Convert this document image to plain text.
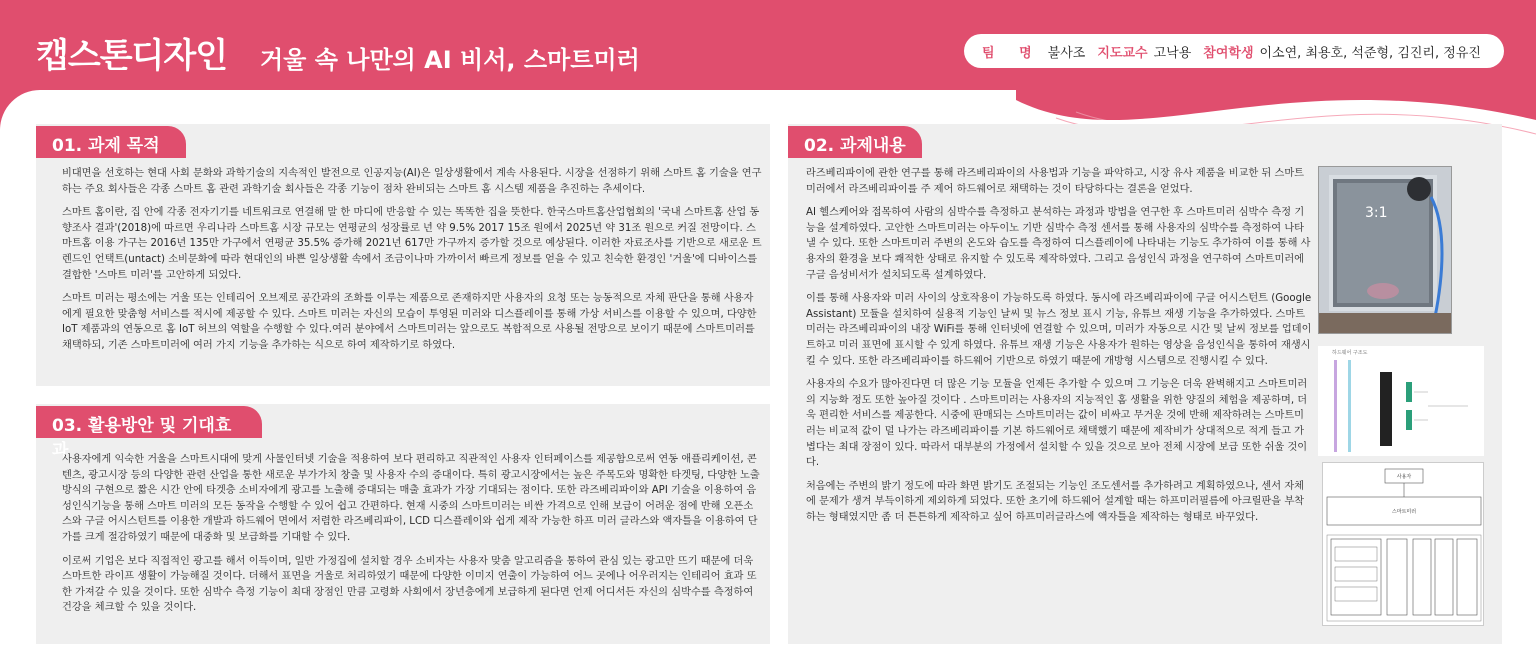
캡스톤디자인 거울 속 나만의 AI 비서, 스마트미러	팀 명 불사조 지도교수 고낙용 참여학생 이소연, 최용호, 석준형, 김진리, 정유진
01. 과제 목적

비대면을 선호하는 현대 사회 문화와 과학기술의 지속적인 발전으로 인공지능(AI)은 일상생활에서 계속 사용된다. 시장을 선점하기 위해 스마트 홈 기술을 연구하는 주요 회사들은 각종 스마트 홈 관련 과학기술 회사들은 각종 기능이 점차 완비되는 스마트 홈 시스템 제품을 추진하는 추세이다.

스마트 홈이란, 집 안에 각종 전자기기를 네트워크로 연결해 말 한 마디에 반응할 수 있는 똑똑한 집을 뜻한다. 한국스마트홈산업협회의 '국내 스마트홈 산업 동향조사 결과'(2018)에 따르면 우리나라 스마트홈 시장 규모는 연평균의 성장률로 년 약 9.5% 2017 15조 원에서 2025년 약 31조 원으로 커질 전망이다. 스마트홈 이용 가구는 2016년 135만 가구에서 연평균 35.5% 증가해 2021년 617만 가구까지 증가할 것으로 예상된다. 이러한 자료조사를 기반으로 새로운 트렌드인 언택트(untact) 소비문화에 따라 현대인의 바쁜 일상생활 속에서 조금이나마 가까이서 빠르게 정보를 얻을 수 있고 친숙한 환경인 '거울'에 디바이스를 결합한 '스마트 미러'를 고안하게 되었다.

스마트 미러는 평소에는 거울 또는 인테리어 오브제로 공간과의 조화를 이루는 제품으로 존재하지만 사용자의 요청 또는 능동적으로 자체 판단을 통해 사용자에게 필요한 맞춤형 서비스를 적시에 제공할 수 있다. 스마트 미러는 자신의 모습이 투영된 미러와 디스플레이를 통해 가상 서비스를 이용할 수 있으며, 다양한 IoT 제품과의 연동으로 홈 IoT 허브의 역할을 수행할 수 있다.여러 분야에서 스마트미러는 앞으로도 복합적으로 사용될 전망으로 보이기 때문에 스마트미러를 채택하되, 기존 스마트미러에 여러 가지 기능을 추가하는 식으로 하여 제작하기로 하였다.

03. 활용방안 및 기대효과

사용자에게 익숙한 거울을 스마트시대에 맞게 사물인터넷 기술을 적용하여 보다 편리하고 직관적인 사용자 인터페이스를 제공함으로써 연동 애플리케이션, 콘텐츠, 광고시장 등의 다양한 관련 산업을 통한 새로운 부가가치 창출 및 사용자 수의 증대이다. 특히 광고시장에서는 높은 주목도와 명확한 타겟팅, 다양한 노출 방식의 구현으로 짧은 시간 안에 타겟층 소비자에게 광고를 노출해 증대되는 매출 효과가 가장 기대되는 점이다. 또한 라즈베리파이와 API 기술을 이용하여 음성인식기능을 통해 스마트 미러의 모든 동작을 수행할 수 있어 쉽고 간편하다. 현재 시중의 스마트미러는 비싼 가격으로 인해 보급이 어려운 점에 반해 오픈소스와 구글 어시스턴트를 이용한 개발과 하드웨어 면에서 저렴한 라즈베리파이, LCD 디스플레이와 쉽게 제작 가능한 하프 미러 글라스와 액자틀을 이용하여 단가를 크게 절감하였기 때문에 대중화 및 보급화를 기대할 수 있다.

이로써 기업은 보다 직접적인 광고를 해서 이득이며, 일반 가정집에 설치할 경우 소비자는 사용자 맞춤 알고리즘을 통하여 관심 있는 광고만 뜨기 때문에 더욱 스마트한 라이프 생활이 가능해질 것이다. 더해서 표면을 거울로 처리하였기 때문에 다양한 이미지 연출이 가능하여 어느 곳에나 어우러지는 인테리어 효과 또한 가져갈 수 있을 것이다. 또한 심박수 측정 기능이 최대 장점인 만큼 고령화 사회에서 장년층에게 보급하게 된다면 언제 어디서든 자신의 심박수를 측정하여 건강을 체크할 수 있을 것이다.

02. 과제내용

라즈베리파이에 관한 연구를 통해 라즈베리파이의 사용법과 기능을 파악하고, 시장 유사 제품을 비교한 뒤 스마트미러에서 라즈베리파이를 주 제어 하드웨어로 채택하는 것이 타당하다는 결론을 얻었다.

AI 헬스케어와 접목하여 사람의 심박수를 측정하고 분석하는 과정과 방법을 연구한 후 스마트미러 심박수 측정 기능을 설계하였다. 고안한 스마트미러는 아두이노 기반 심박수 측정 센서를 통해 사용자의 심박수를 측정하여 나타낼 수 있다. 또한 스마트미러 주변의 온도와 습도를 측정하여 디스플레이에 나타내는 기능도 추가하여 이를 통해 사용자의 환경을 보다 쾌적한 상태로 유지할 수 있도록 제작하였다. 그리고 음성인식 과정을 연구하여 스마트미러에 구글 음성비서가 설치되도록 설계하였다.

이를 통해 사용자와 미러 사이의 상호작용이 가능하도록 하였다. 동시에 라즈베리파이에 구글 어시스턴트 (Google Assistant) 모듈을 설치하여 실용적 기능인 날씨 및 뉴스 정보 표시 기능, 유튜브 재생 기능을 추가하였다. 스마트미러는 라즈베리파이의 내장 WiFi를 통해 인터넷에 연결할 수 있으며, 미러가 자동으로 시간 및 날씨 정보를 업데이트하고 미러 표면에 표시할 수 있게 하였다. 유튜브 재생 기능은 사용자가 원하는 영상을 음성인식을 통하여 재생시킬 수 있다. 또한 라즈베리파이를 하드웨어 기반으로 하였기 때문에 개방형 시스템으로 진행시킬 수 있다.

사용자의 수요가 많아진다면 더 많은 기능 모듈을 언제든 추가할 수 있으며 그 기능은 더욱 완벽해지고 스마트미러의 지능화 정도 또한 높아질 것이다 . 스마트미러는 사용자의 지능적인 홈 생활을 위한 양질의 체험을 제공하며, 더욱 편리한 서비스를 제공한다. 시중에 판매되는 스마트미러는 값이 비싸고 무거운 것에 반해 제작하려는 스마트미러는 비교적 값이 덜 나가는 라즈베리파이를 기본 하드웨어로 채택했기 때문에 제작비가 상대적으로 적게 들고 가볍다는 최대 장점이 있다. 따라서 대부분의 가정에서 설치할 수 있을 것으로 보아 전체 시장에 보급 또한 쉬울 것이다.

처음에는 주변의 밝기 정도에 따라 화면 밝기도 조절되는 기능인 조도센서를 추가하려고 계획하였으나, 센서 자체에 문제가 생겨 부득이하게 제외하게 되었다. 또한 초기에 하드웨어 설계할 때는 하프미러필름에 아크릴판을 부착하는 형태였지만 좀 더 튼튼하게 제작하고 싶어 하프미러글라스에 액자틀을 제작하는 형태로 바꾸었다.

3:1
하드웨어 구조도
사용자
스마트미러
